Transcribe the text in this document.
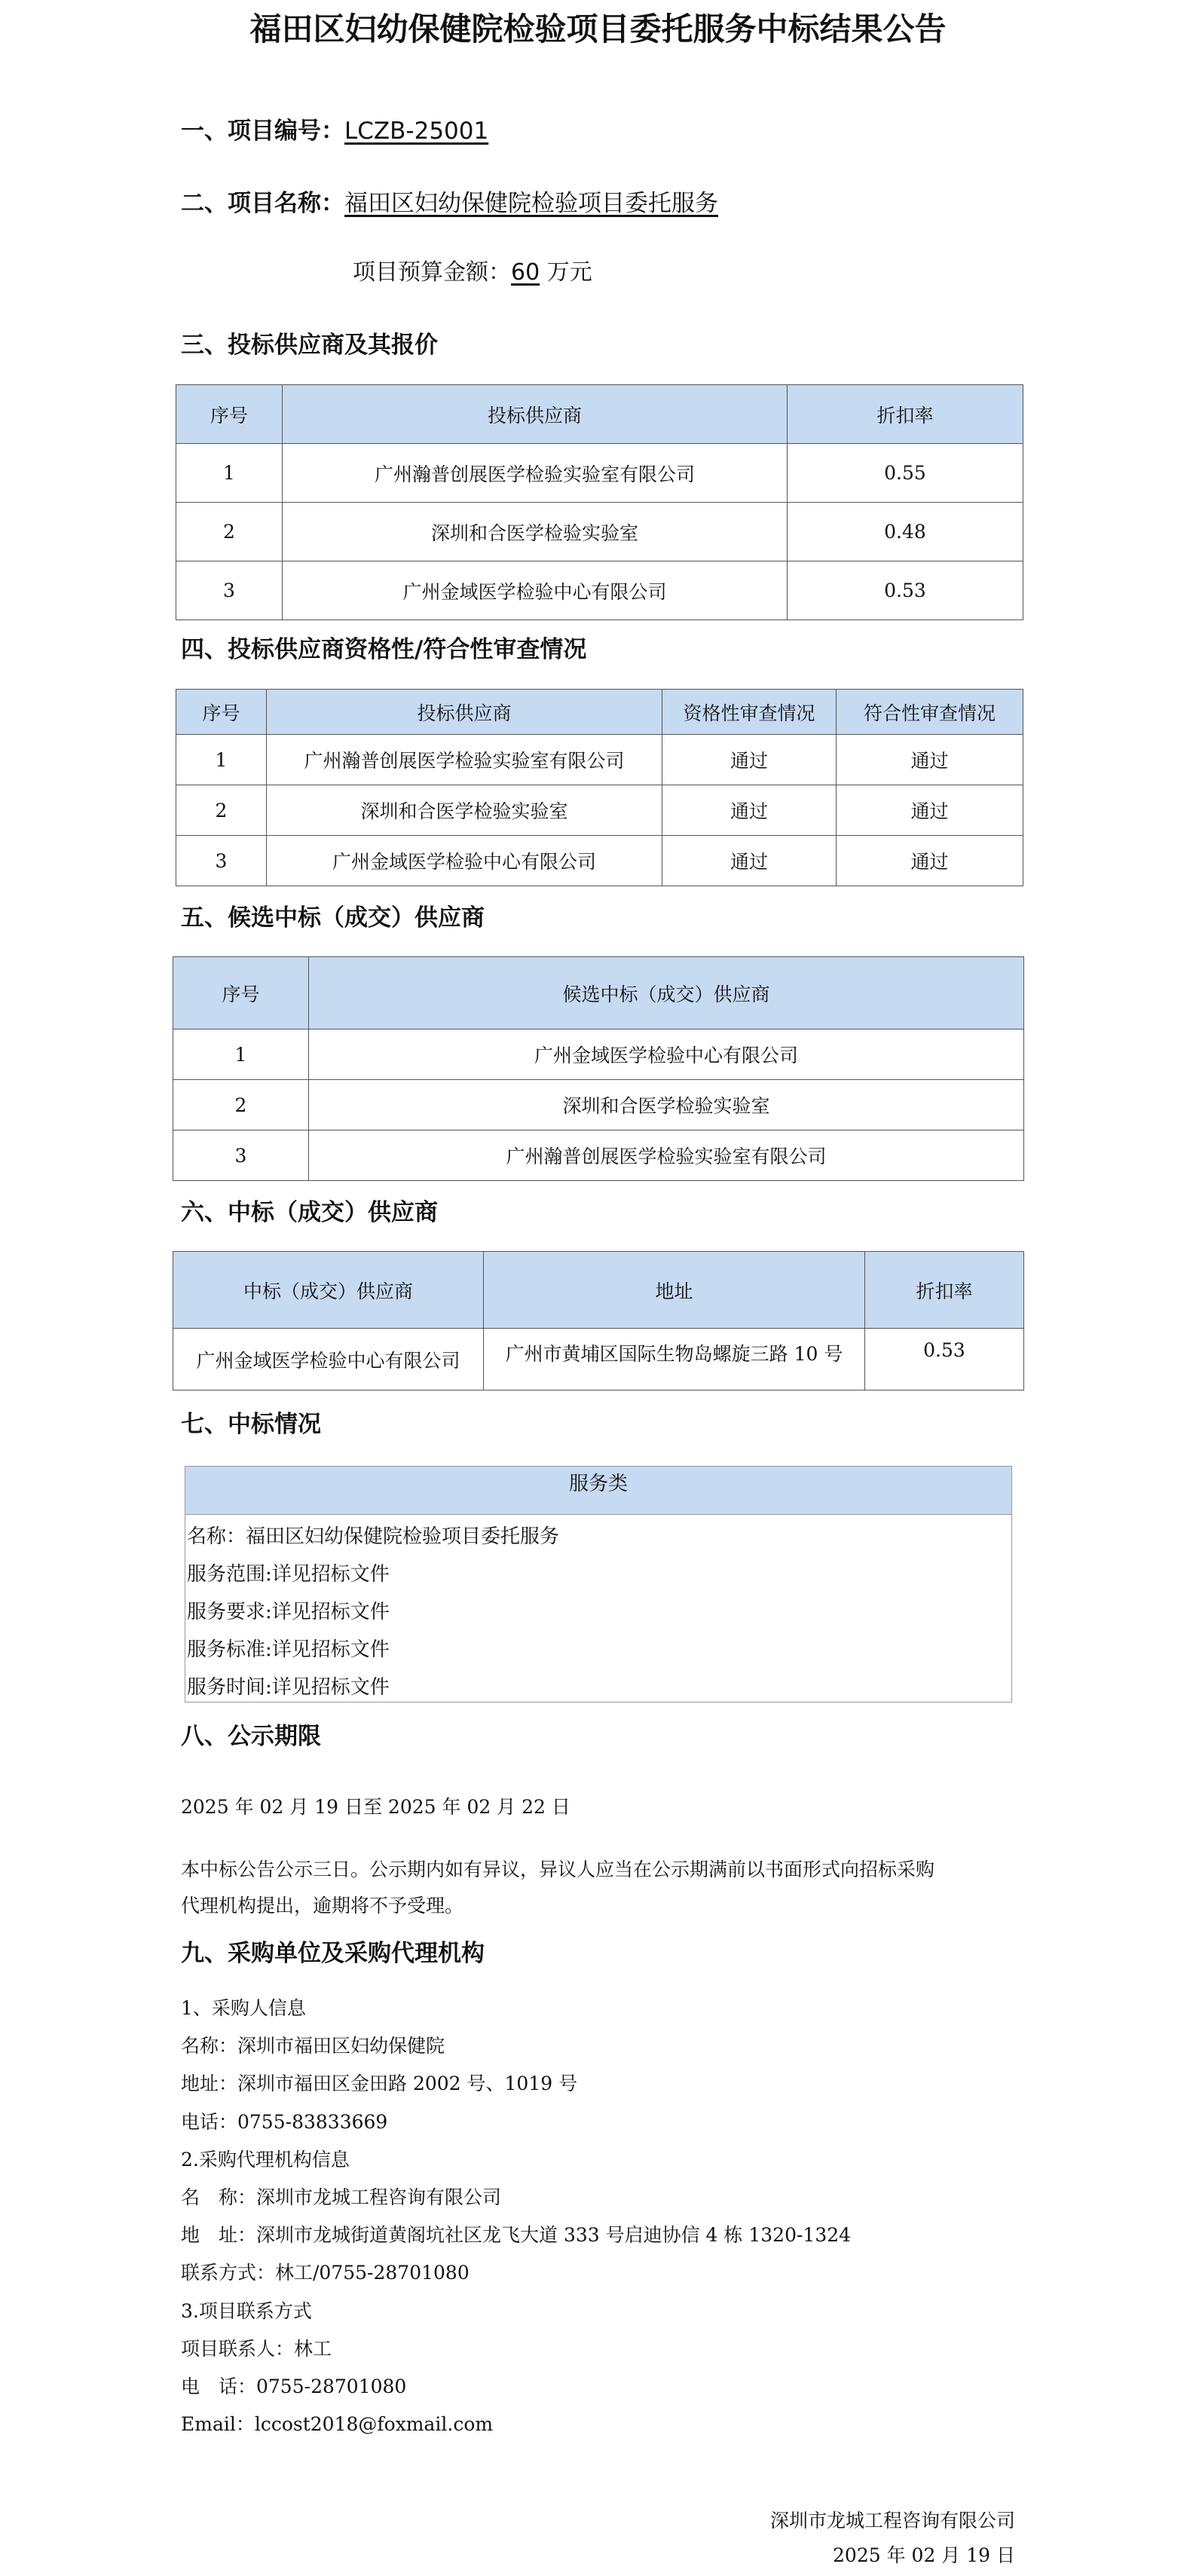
福田区妇幼保健院检验项目委托服务中标结果公告
一、项目编号：LCZB-25001
二、项目名称：福田区妇幼保健院检验项目委托服务
项目预算金额：60 万元
三、投标供应商及其报价
序号	投标供应商	折扣率
1	广州瀚普创展医学检验实验室有限公司	0.55
2	深圳和合医学检验实验室	0.48
3	广州金域医学检验中心有限公司	0.53
四、投标供应商资格性/符合性审查情况
序号	投标供应商	资格性审查情况	符合性审查情况
1	广州瀚普创展医学检验实验室有限公司	通过	通过
2	深圳和合医学检验实验室	通过	通过
3	广州金域医学检验中心有限公司	通过	通过
五、候选中标（成交）供应商
序号	候选中标（成交）供应商
1	广州金域医学检验中心有限公司
2	深圳和合医学检验实验室
3	广州瀚普创展医学检验实验室有限公司
六、中标（成交）供应商
中标（成交）供应商	地址	折扣率
广州金域医学检验中心有限公司	广州市黄埔区国际生物岛螺旋三路 10 号	0.53
七、中标情况
服务类
名称：福田区妇幼保健院检验项目委托服务
服务范围:详见招标文件
服务要求:详见招标文件
服务标准:详见招标文件
服务时间:详见招标文件
八、公示期限
2025 年 02 月 19 日至 2025 年 02 月 22 日
本中标公告公示三日。公示期内如有异议，异议人应当在公示期满前以书面形式向招标采购
代理机构提出，逾期将不予受理。
九、采购单位及采购代理机构
1、采购人信息
名称：深圳市福田区妇幼保健院
地址：深圳市福田区金田路 2002 号、1019 号
电话：0755-83833669
2.采购代理机构信息
名　称：深圳市龙城工程咨询有限公司
地　址：深圳市龙城街道黄阁坑社区龙飞大道 333 号启迪协信 4 栋 1320-1324
联系方式：林工/0755-28701080
3.项目联系方式
项目联系人：林工
电　话：0755-28701080
Email：lccost2018@foxmail.com
深圳市龙城工程咨询有限公司
2025 年 02 月 19 日
